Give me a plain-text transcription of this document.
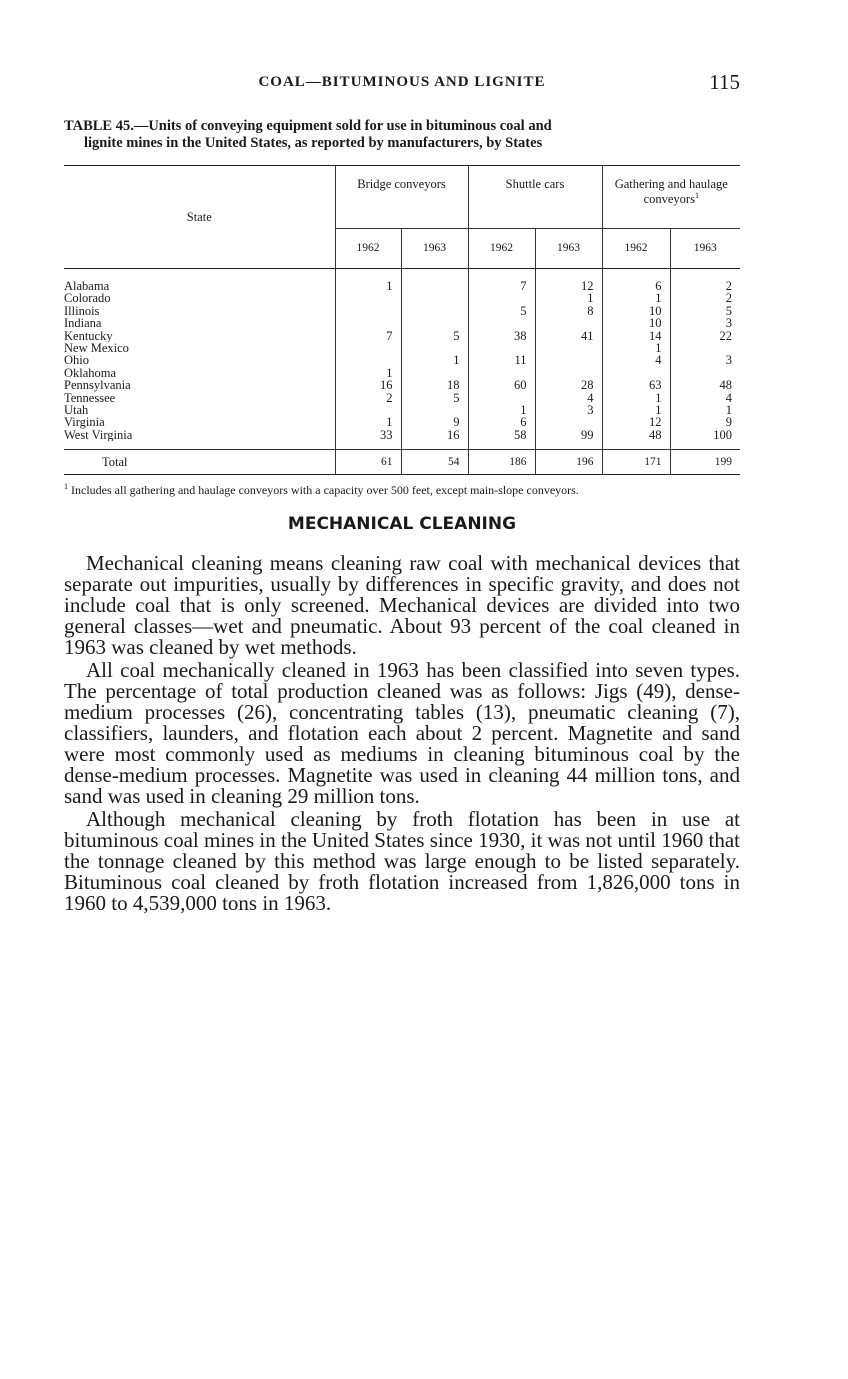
COAL—BITUMINOUS AND LIGNITE	115
TABLE 45.—Units of conveying equipment sold for use in bituminous coal and
lignite mines in the United States, as reported by manufacturers, by States
State	Bridge conveyors		Shuttle cars		Gathering and haulage conveyors$^1$
	1962	1963	1962	1963	1962	1963

Alabama	1		7	12	6	2
Colorado				1	1	2
Illinois			5	8	10	5
Indiana					10	3
Kentucky	7	5	38	41	14	22
New Mexico					1	
Ohio		1	11		4	3
Oklahoma	1					
Pennsylvania	16	18	60	28	63	48
Tennessee	2	5		4	1	4
Utah			1	3	1	1
Virginia	1	9	6		12	9
West Virginia	33	16	58	99	48	100

Total	61	54	186	196	171	199
$^1$ Includes all gathering and haulage conveyors with a capacity over 500 feet, except main-slope conveyors.
MECHANICAL CLEANING

Mechanical cleaning means cleaning raw coal with mechanical devices that separate out impurities, usually by differences in specific gravity, and does not include coal that is only screened. Mechanical devices are divided into two general classes—wet and pneumatic. About 93 percent of the coal cleaned in 1963 was cleaned by wet methods.

All coal mechanically cleaned in 1963 has been classified into seven types. The percentage of total production cleaned was as follows: Jigs (49), dense-medium processes (26), concentrating tables (13), pneumatic cleaning (7), classifiers, launders, and flotation each about 2 percent. Magnetite and sand were most commonly used as mediums in cleaning bituminous coal by the dense-medium processes. Magnetite was used in cleaning 44 million tons, and sand was used in cleaning 29 million tons.

Although mechanical cleaning by froth flotation has been in use at bituminous coal mines in the United States since 1930, it was not until 1960 that the tonnage cleaned by this method was large enough to be listed separately. Bituminous coal cleaned by froth flotation increased from 1,826,000 tons in 1960 to 4,539,000 tons in 1963.
